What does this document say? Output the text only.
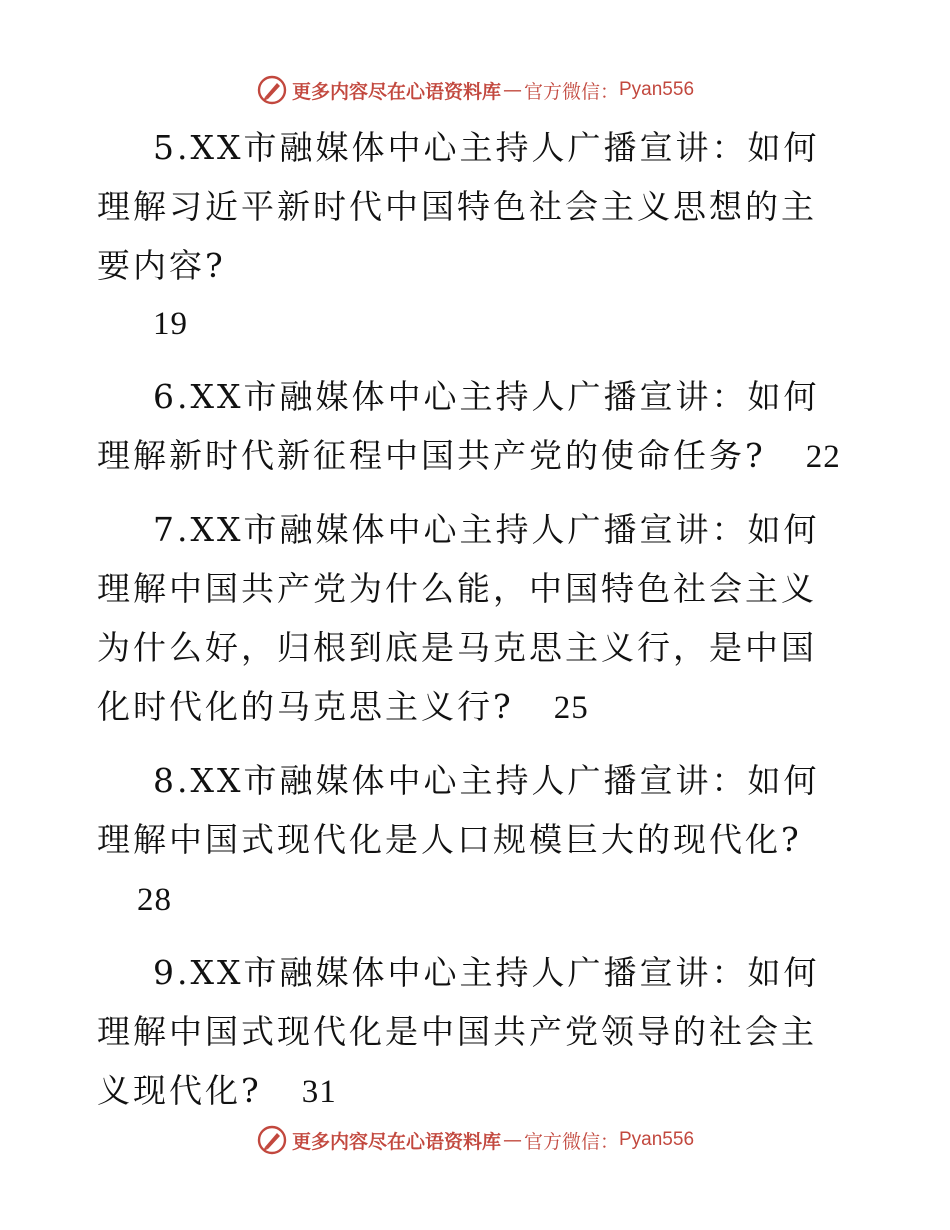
更多内容尽在心语资料库 — 官方微信： Pyan556

5.XX市融媒体中心主持人广播宣讲：如何理解习近平新时代中国特色社会主义思想的主要内容?
19

6.XX市融媒体中心主持人广播宣讲：如何理解新时代新征程中国共产党的使命任务? 22

7.XX市融媒体中心主持人广播宣讲：如何理解中国共产党为什么能，中国特色社会主义为什么好，归根到底是马克思主义行，是中国化时代化的马克思主义行? 25

8.XX市融媒体中心主持人广播宣讲：如何理解中国式现代化是人口规模巨大的现代化?28

9.XX市融媒体中心主持人广播宣讲：如何理解中国式现代化是中国共产党领导的社会主义现代化? 31

更多内容尽在心语资料库 — 官方微信： Pyan556
